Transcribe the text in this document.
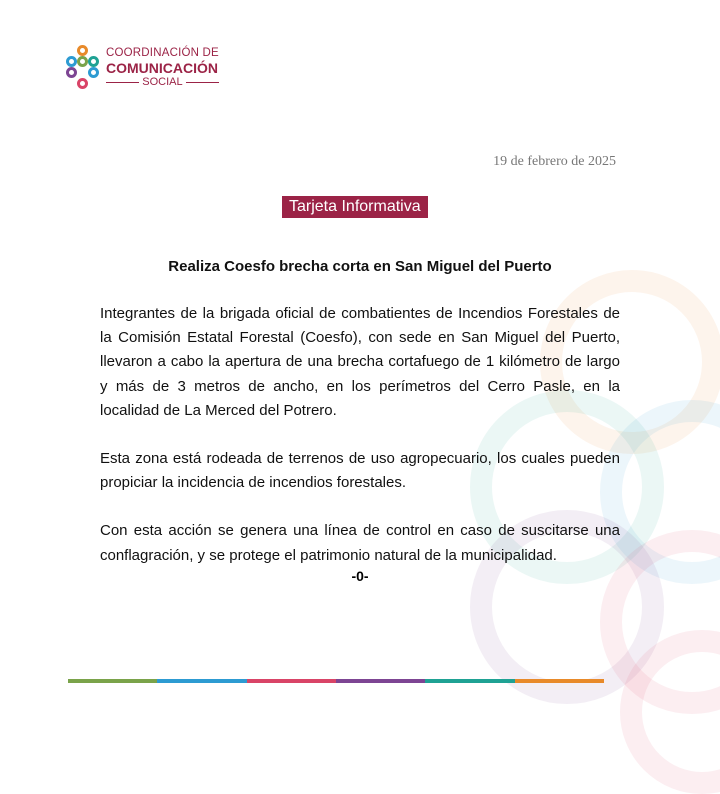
COORDINACIÓN DE
COMUNICACIÓN
SOCIAL
19 de febrero de 2025
Tarjeta Informativa
Realiza Coesfo brecha corta en San Miguel del Puerto

Integrantes de la brigada oficial de combatientes de Incendios Forestales de la Comisión Estatal Forestal (Coesfo), con sede en San Miguel del Puerto, llevaron a cabo la apertura de una brecha cortafuego de 1 kilómetro de largo y más de 3 metros de ancho, en los perímetros del Cerro Pasle, en la localidad de La Merced del Potrero.

Esta zona está rodeada de terrenos de uso agropecuario, los cuales pueden propiciar la incidencia de incendios forestales.

Con esta acción se genera una línea de control en caso de suscitarse una conflagración, y se protege el patrimonio natural de la municipalidad.

-0-
